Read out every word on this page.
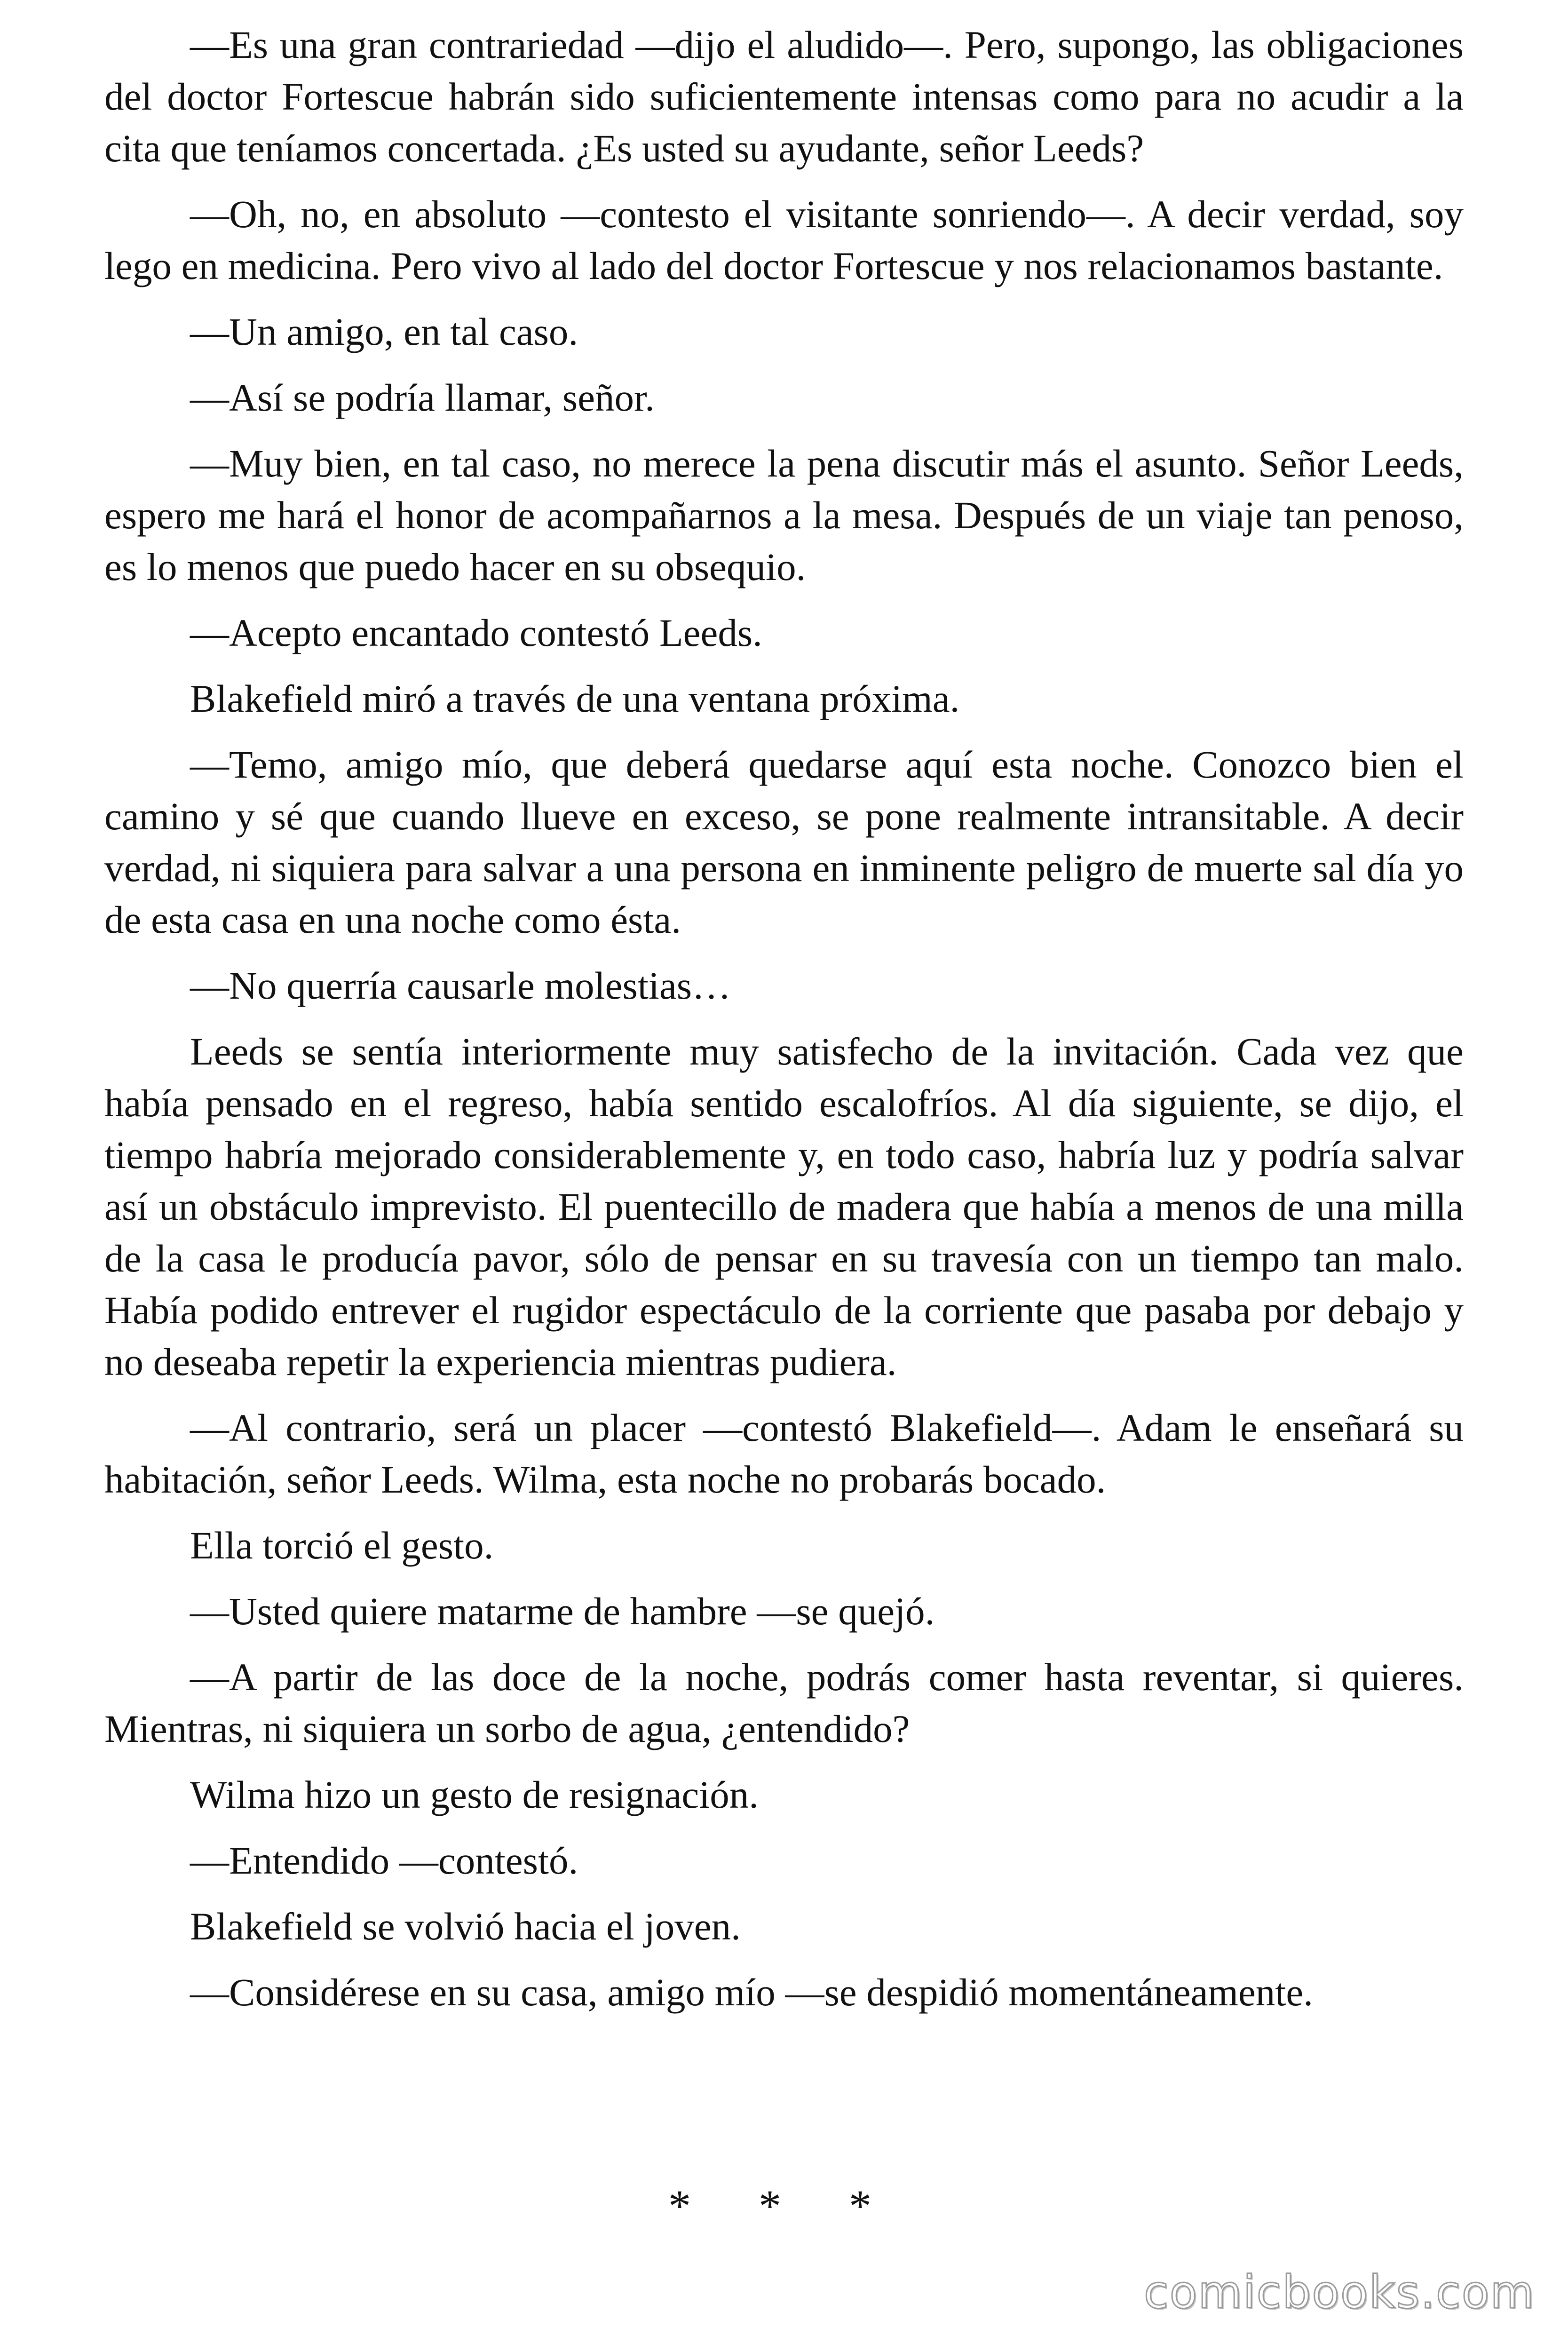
—Es una gran contrariedad —dijo el aludido—. Pero, supongo, las obligaciones del doctor Fortescue habrán sido suficientemente intensas como para no acudir a la cita que teníamos concertada. ¿Es usted su ayudante, señor Leeds?

—Oh, no, en absoluto —contesto el visitante sonriendo—. A decir verdad, soy lego en medicina. Pero vivo al lado del doctor Fortescue y nos relacionamos bastante.

—Un amigo, en tal caso.

—Así se podría llamar, señor.

—Muy bien, en tal caso, no merece la pena discutir más el asunto. Señor Leeds, espero me hará el honor de acompañarnos a la mesa. Después de un viaje tan penoso, es lo menos que puedo hacer en su obsequio.

—Acepto encantado contestó Leeds.

Blakefield miró a través de una ventana próxima.

—Temo, amigo mío, que deberá quedarse aquí esta noche. Conozco bien el camino y sé que cuando llueve en exceso, se pone realmente intransitable. A decir verdad, ni siquiera para salvar a una persona en inminente peligro de muerte sal día yo de esta casa en una noche como ésta.

—No querría causarle molestias…

Leeds se sentía interiormente muy satisfecho de la invitación. Cada vez que había pensado en el regreso, había sentido escalofríos. Al día siguiente, se dijo, el tiempo habría mejorado considerablemente y, en todo caso, habría luz y podría salvar así un obstáculo imprevisto. El puentecillo de madera que había a menos de una milla de la casa le producía pavor, sólo de pensar en su travesía con un tiempo tan malo. Había podido entrever el rugidor espectáculo de la corriente que pasaba por debajo y no deseaba repetir la experiencia mientras pudiera.

—Al contrario, será un placer —contestó Blakefield—. Adam le enseñará su habitación, señor Leeds. Wilma, esta noche no probarás bocado.

Ella torció el gesto.

—Usted quiere matarme de hambre —se quejó.

—A partir de las doce de la noche, podrás comer hasta reventar, si quieres. Mientras, ni siquiera un sorbo de agua, ¿entendido?

Wilma hizo un gesto de resignación.

—Entendido —contestó.

Blakefield se volvió hacia el joven.

—Considérese en su casa, amigo mío —se despidió momentáneamente.

* * *
comicbooks.com
